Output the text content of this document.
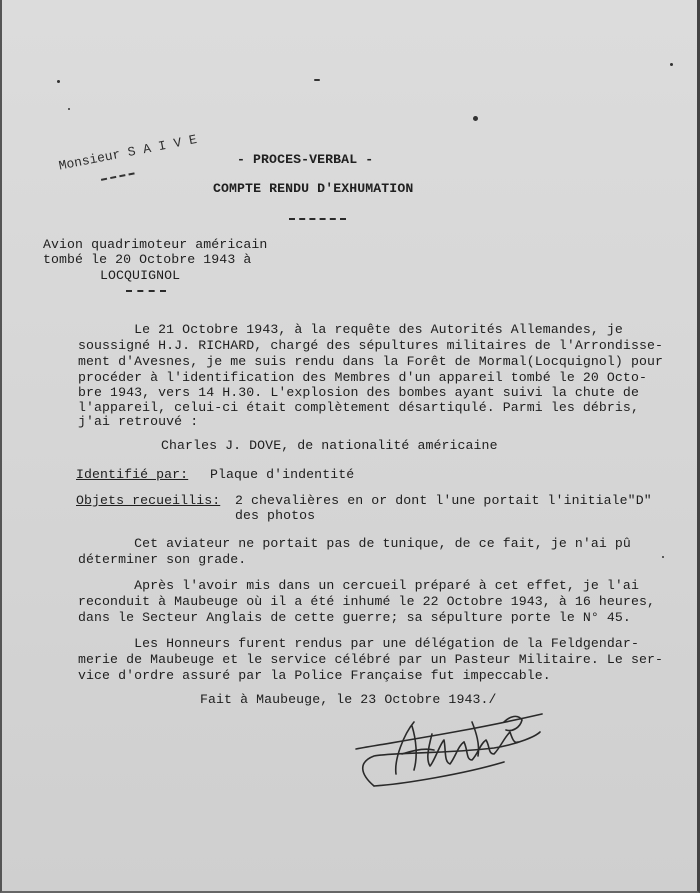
Monsieur S A I V E

	- PROCES-VERBAL -
COMPTE RENDU D'EXHUMATION
Avion quadrimoteur américain
tombé le 20 Octobre 1943 à
LOCQUIGNOL
Le 21 Octobre 1943, à la requête des Autorités Allemandes, je
soussigné H.J. RICHARD, chargé des sépultures militaires de l'Arrondisse-
ment d'Avesnes, je me suis rendu dans la Forêt de Mormal(Locquignol) pour
procéder à l'identification des Membres d'un appareil tombé le 20 Octo-
bre 1943, vers 14 H.30. L'explosion des bombes ayant suivi la chute de
l'appareil, celui-ci était complètement désartiqulé. Parmi les débris,
j'ai retrouvé :
Charles J. DOVE, de nationalité américaine
Identifié par: Plaque d'indentité
Objets recueillis: 2 chevalières en or dont l'une portait l'initiale"D"
des photos
Cet aviateur ne portait pas de tunique, de ce fait, je n'ai pû
déterminer son grade.
Après l'avoir mis dans un cercueil préparé à cet effet, je l'ai
reconduit à Maubeuge où il a été inhumé le 22 Octobre 1943, à 16 heures,
dans le Secteur Anglais de cette guerre; sa sépulture porte le N° 45.
Les Honneurs furent rendus par une délégation de la Feldgendar-
merie de Maubeuge et le service célébré par un Pasteur Militaire. Le ser-
vice d'ordre assuré par la Police Française fut impeccable.
Fait à Maubeuge, le 23 Octobre 1943./
